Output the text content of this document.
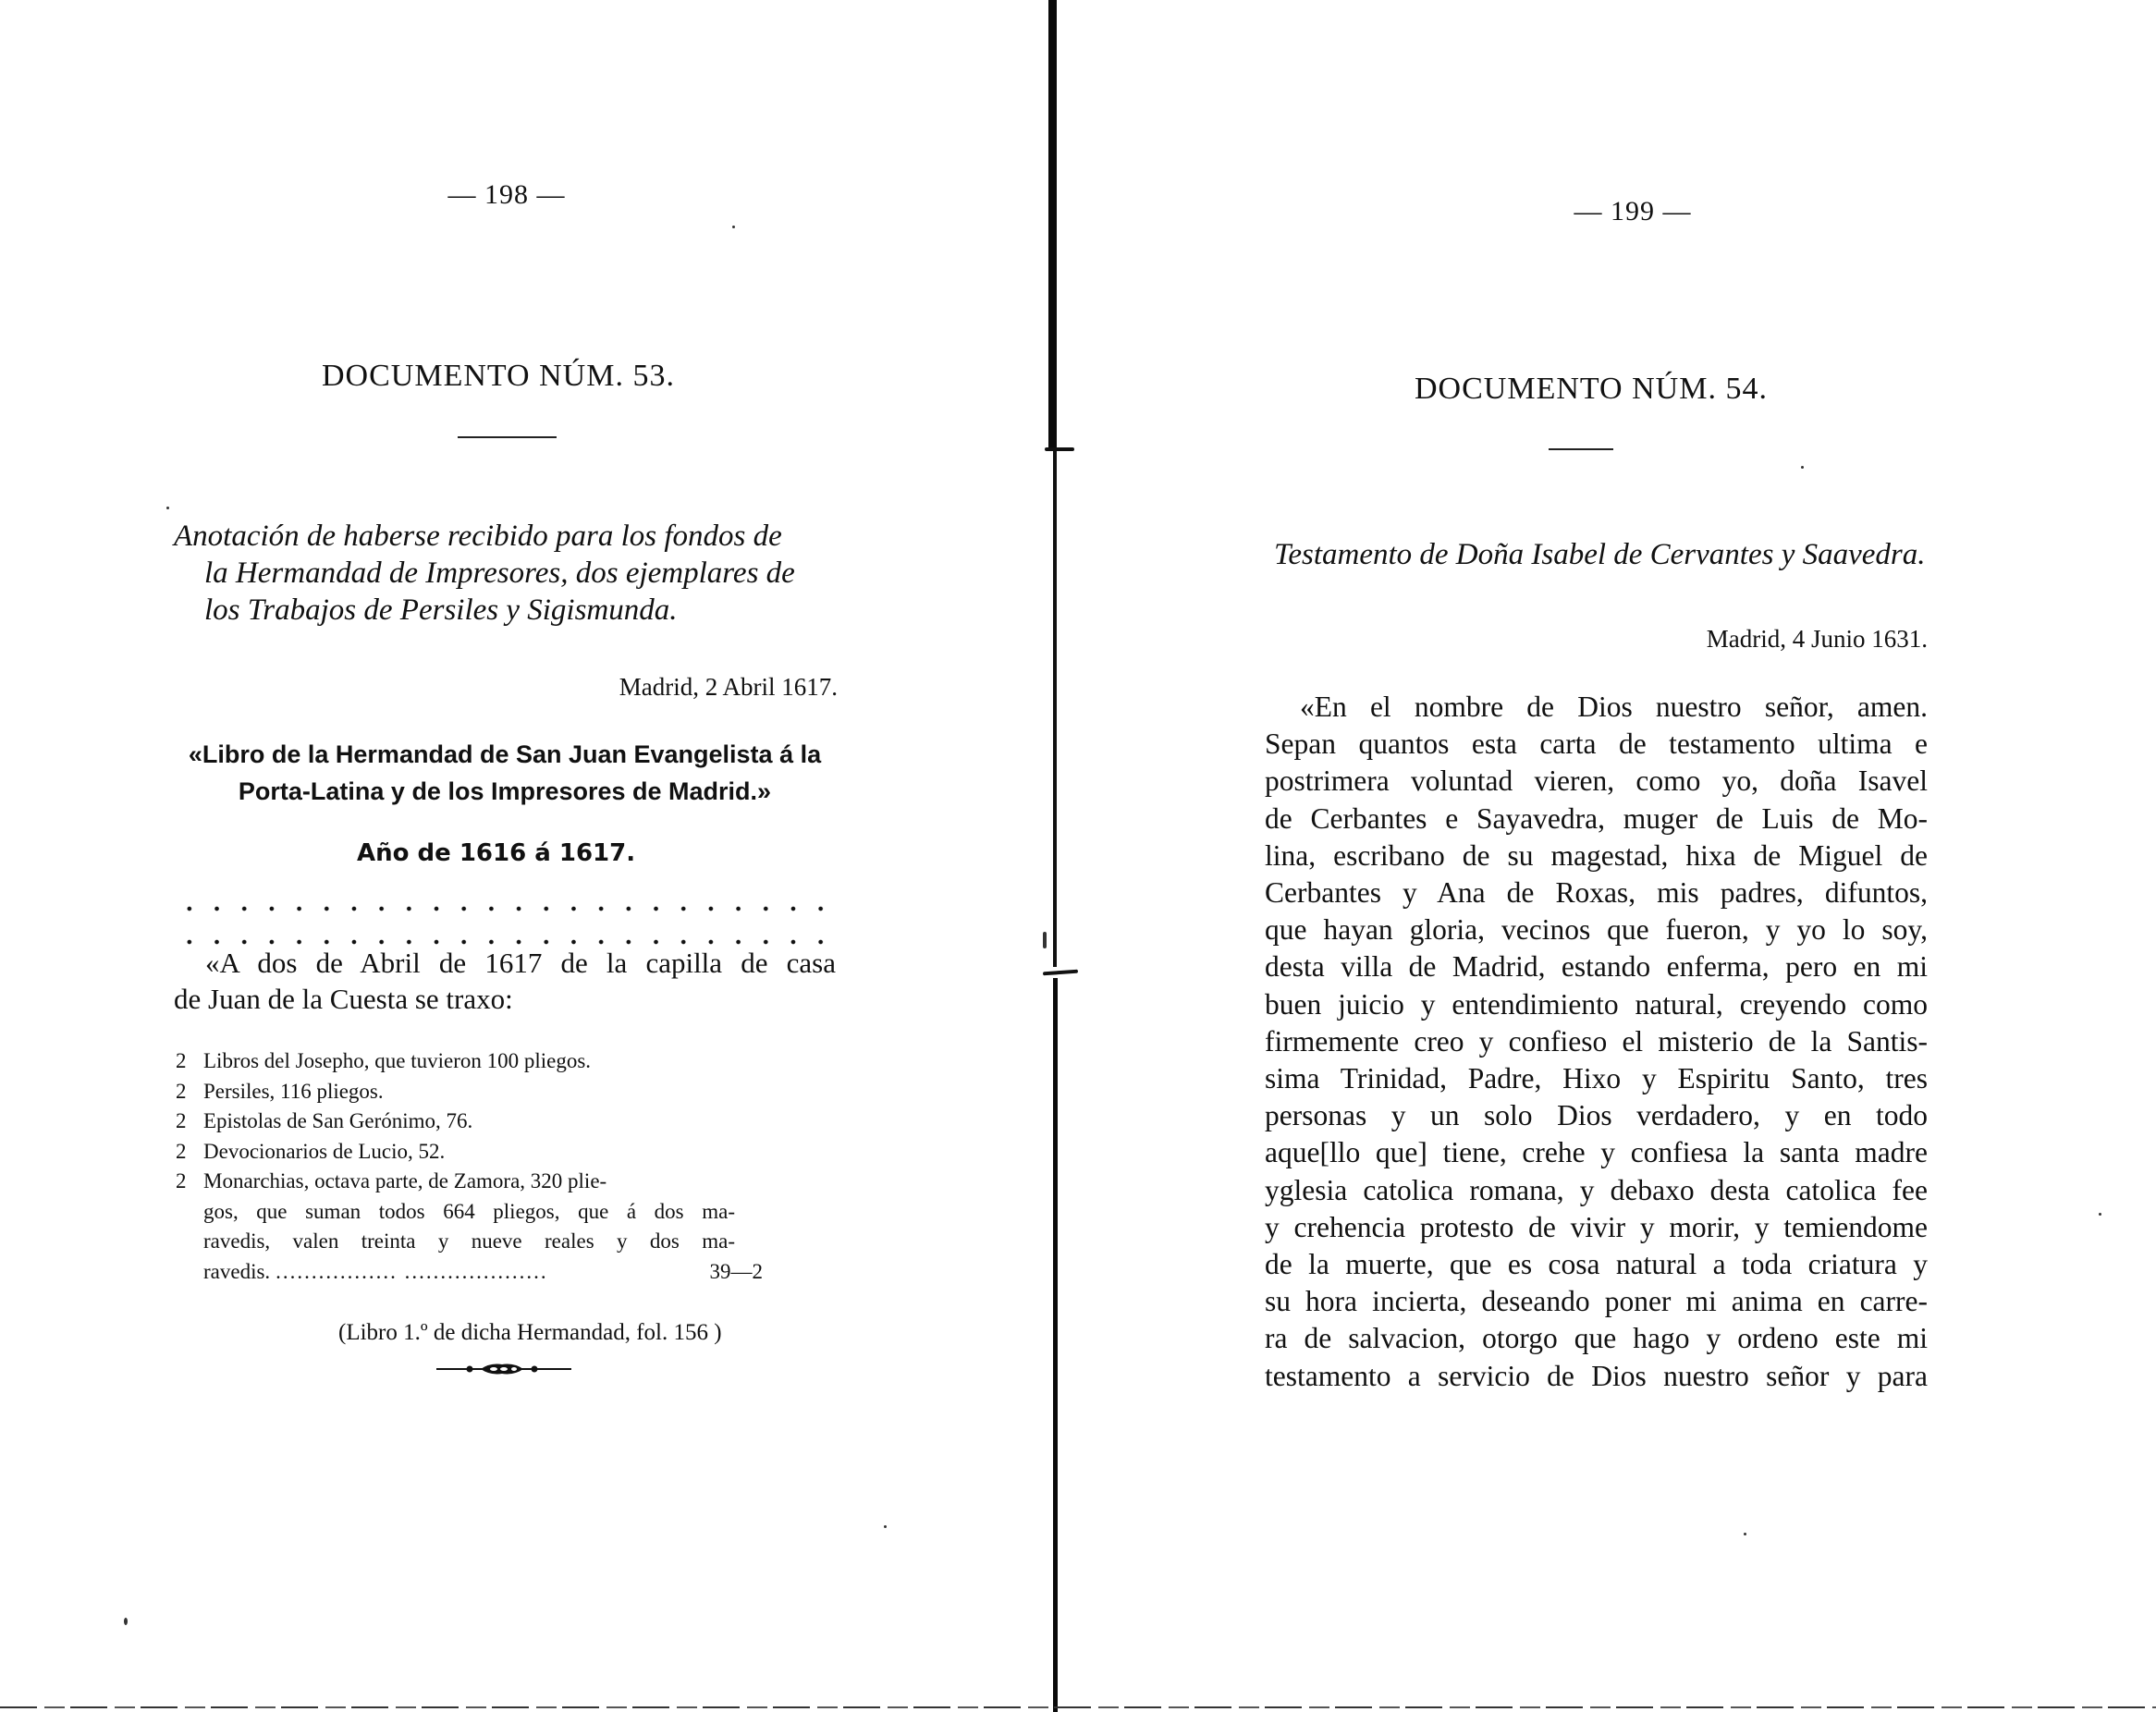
— 198 —
DOCUMENTO NÚM. 53.
Anotación de haberse recibido para los fondos de
la Hermandad de Impresores, dos ejemplares de
los Trabajos de Persiles y Sigismunda.
Madrid, 2 Abril 1617.
«Libro de la Hermandad de San Juan Evangelista á la
Porta-Latina y de los Impresores de Madrid.»
Año de 1616 á 1617.
«A dos de Abril de 1617 de la capilla de casa
de Juan de la Cuesta se traxo:
2 Libros del Josepho, que tuvieron 100 pliegos.
2 Persiles, 116 pliegos.
2 Epistolas de San Gerónimo, 76.
2 Devocionarios de Lucio, 52.
2 Monarchias, octava parte, de Zamora, 320 plie-
gos, que suman todos 664 pliegos, que á dos ma-
ravedis, valen treinta y nueve reales y dos ma-
ravedis. ................. ....................	39—2
(Libro 1.º de dicha Hermandad, fol. 156 )
— 199 —
DOCUMENTO NÚM. 54.
Testamento de Doña Isabel de Cervantes y Saavedra.
Madrid, 4 Junio 1631.
«En el nombre de Dios nuestro señor, amen.
Sepan quantos esta carta de testamento ultima e
postrimera voluntad vieren, como yo, doña Isavel
de Cerbantes e Sayavedra, muger de Luis de Mo-
lina, escribano de su magestad, hixa de Miguel de
Cerbantes y Ana de Roxas, mis padres, difuntos,
que hayan gloria, vecinos que fueron, y yo lo soy,
desta villa de Madrid, estando enferma, pero en mi
buen juicio y entendimiento natural, creyendo como
firmemente creo y confieso el misterio de la Santis-
sima Trinidad, Padre, Hixo y Espiritu Santo, tres
personas y un solo Dios verdadero, y en todo
aque[llo que] tiene, crehe y confiesa la santa madre
yglesia catolica romana, y debaxo desta catolica fee
y crehencia protesto de vivir y morir, y temiendome
de la muerte, que es cosa natural a toda criatura y
su hora incierta, deseando poner mi anima en carre-
ra de salvacion, otorgo que hago y ordeno este mi
testamento a servicio de Dios nuestro señor y para
